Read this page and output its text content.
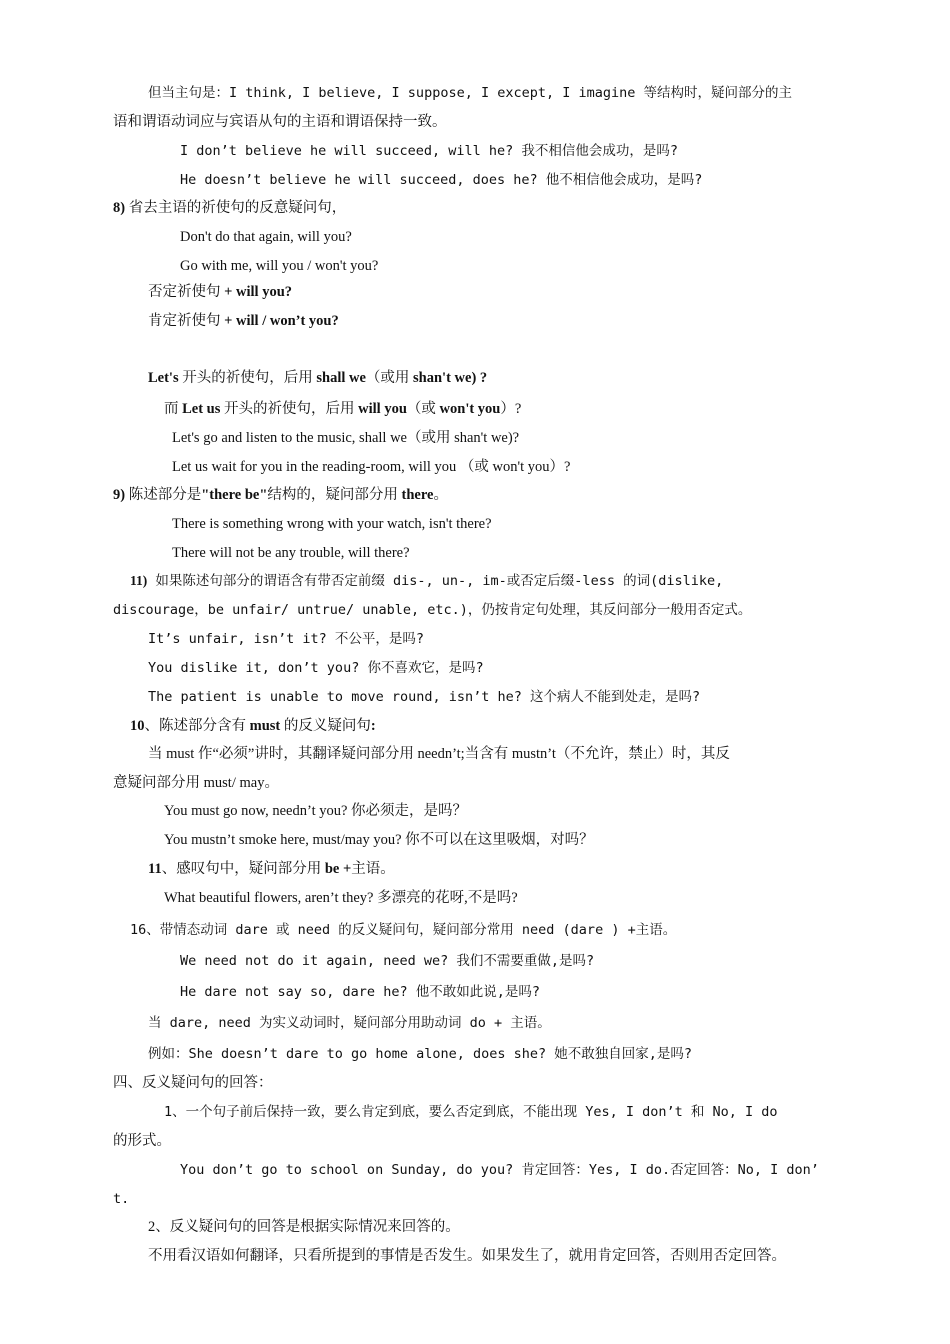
但当主句是：I think, I believe, I suppose, I except, I imagine 等结构时，疑问部分的主
语和谓语动词应与宾语从句的主语和谓语保持一致。
I don’t believe he will succeed, will he? 我不相信他会成功，是吗?
He doesn’t believe he will succeed, does he? 他不相信他会成功，是吗?
8) 省去主语的祈使句的反意疑问句，
Don't do that again, will you?
Go with me, will you / won't you?
否定祈使句 + will you?
肯定祈使句 + will / won’t you?
Let's 开头的祈使句，后用 shall we（或用 shan't we) ?
而 Let us 开头的祈使句，后用 will you（或 won't you）?
Let's go and listen to the music, shall we（或用 shan't we)?
Let us wait for you in the reading-room, will you （或 won't you）?
9) 陈述部分是"there be"结构的，疑问部分用 there。
There is something wrong with your watch, isn't there?
There will not be any trouble, will there?
11) 如果陈述句部分的谓语含有带否定前缀 dis-, un-, im-或否定后缀-less 的词(dislike,
discourage，be unfair/ untrue/ unable, etc.)，仍按肯定句处理，其反问部分一般用否定式。
It’s unfair, isn’t it? 不公平，是吗?
You dislike it, don’t you? 你不喜欢它，是吗?
The patient is unable to move round, isn’t he? 这个病人不能到处走，是吗?
10、陈述部分含有 must 的反义疑问句:
当 must 作“必须”讲时，其翻译疑问部分用 needn’t;当含有 mustn’t（不允许，禁止）时，其反
意疑问部分用 must/ may。
You must go now, needn’t you? 你必须走，是吗？
You mustn’t smoke here, must/may you? 你不可以在这里吸烟，对吗？
11、感叹句中，疑问部分用 be +主语。
What beautiful flowers, aren’t they? 多漂亮的花呀,不是吗?
16、带情态动词 dare 或 need 的反义疑问句，疑问部分常用 need (dare ) +主语。
We need not do it again, need we? 我们不需要重做,是吗?
He dare not say so, dare he? 他不敢如此说,是吗?
当 dare, need 为实义动词时，疑问部分用助动词 do + 主语。
例如：She doesn’t dare to go home alone, does she? 她不敢独自回家,是吗?
四、反义疑问句的回答：
1、一个句子前后保持一致，要么肯定到底，要么否定到底，不能出现 Yes, I don’t 和 No, I do
的形式。
You don’t go to school on Sunday, do you? 肯定回答：Yes, I do.否定回答：No, I don’
t.
2、反义疑问句的回答是根据实际情况来回答的。
不用看汉语如何翻译，只看所提到的事情是否发生。如果发生了，就用肯定回答，否则用否定回答。
